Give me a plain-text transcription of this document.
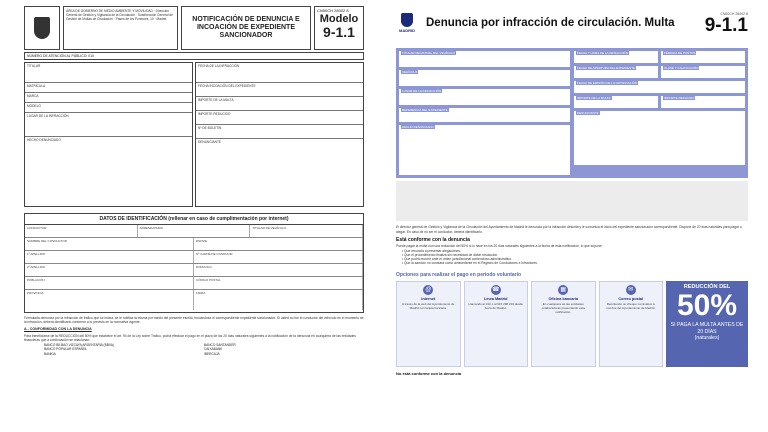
ÁREA DE GOBIERNO DE MEDIO AMBIENTE Y MOVILIDAD · Dirección General de Gestión y Vigilancia de la Circulación · Subdirección General de Gestión de Multas de Circulación · Paseo de los Pontones, 10 · Madrid	NOTIFICACIÓN DE DENUNCIA E INCOACIÓN DE EXPEDIENTE SANCIONADOR
CN50CH 28002 8
Modelo
9-1.1
NÚMERO DE ATENCIÓN AL PÚBLICO: 010
TITULAR
MATRÍCULA
MARCA
MODELO
LUGAR DE LA INFRACCIÓN
HECHO DENUNCIADO
FECHA DE LA INFRACCIÓN
FECHA INCOACIÓN DEL EXPEDIENTE
IMPORTE DE LA MULTA
IMPORTE REDUCIDO
Nº DE BOLETÍN
DENUNCIANTE
DATOS DE IDENTIFICACIÓN (rellenar en caso de cumplimentación por internet)
CONDUCTOR	ARRENDATARIO	TITULAR DE VEHÍCULO
NOMBRE DEL CONDUCTOR	DNI/NIE
1º APELLIDO	Nº CARNÉ DE CONDUCIR
2º APELLIDO	DOMICILIO
POBLACIÓN	CÓDIGO POSTAL
PROVINCIA	FIRMA
Formulada denuncia por la infracción de tráfico que se indica, se le notifica la misma por medio del presente escrito, incoándose el correspondiente expediente sancionador. Si usted no fue el conductor del vehículo en el momento de la infracción, deberá identificarlo conforme a lo previsto en la normativa vigente.
A.- CONFORMIDAD CON LA DENUNCIA
Para beneficiarse de la REDUCCIÓN del 50% que establece el art. 94 de la Ley sobre Tráfico, podrá efectuar el pago en el plazo de los 20 días naturales siguientes a la notificación de la denuncia en cualquiera de las entidades financieras que a continuación se relacionan:
BANCO BILBAO VIZCAYA ARGENTARIA (BBVA)	BANCO SANTANDER
BANCO POPULAR ESPAÑOL	CAIXABANK
BANKIA	IBERCAJA
MADRID
Denuncia por infracción de circulación. Multa
CN50CH 28002 8
9-1.1
TITULAR REGISTRAL DEL VEHÍCULO
VEHÍCULO
LUGAR DE LA INFRACCIÓN
REFERENCIA DEL EXPEDIENTE
HECHO DENUNCIADO
FECHA Y HORA DE LA INFRACCIÓN	PÉRDIDA DE PUNTOS
FECHA DE APERTURA DEL EXPEDIENTE	CLASE Y CALIFICACIÓN
FECHA DE EMISIÓN DE LA NOTIFICACIÓN
IMPORTE DE LA MULTA	IMPORTE REDUCIDO
DENUNCIANTE
El director general de Gestión y Vigilancia de la Circulación del Ayuntamiento de Madrid le denuncia por la infracción descrita y le comunica el inicio del expediente sancionador correspondiente. Dispone de 20 días naturales para pagar o alegar. En caso de no ser el conductor, deberá identificarlo.
Está conforme con la denuncia
Puede pagar la multa con una reducción del 50% si lo hace en los 20 días naturales siguientes a la fecha de esta notificación, lo que supone:
• Que renuncia a presentar alegaciones.
• Que el procedimiento finaliza sin necesidad de dictar resolución.
• Que podrá recurrir ante el orden jurisdiccional contencioso-administrativo.
• Que la sanción no constará como antecedente en el Registro de Conductores e Infractores.
Opciones para realizar el pago en periodo voluntario
@
Internet
A través de la web del Ayuntamiento de Madrid con tarjeta bancaria.
☎
Línea Madrid
Llamando al 010 o al 915 298 210 desde fuera de Madrid.
▦
Oficina bancaria
En cualquiera de las entidades colaboradoras presentando esta notificación.
✉
Correo postal
Remitiendo un cheque nominativo a nombre del Ayuntamiento de Madrid.
REDUCCIÓN DEL
50%
SI PAGA LA MULTA ANTES DE 20 DÍAS
(naturales)
No está conforme con la denuncia
